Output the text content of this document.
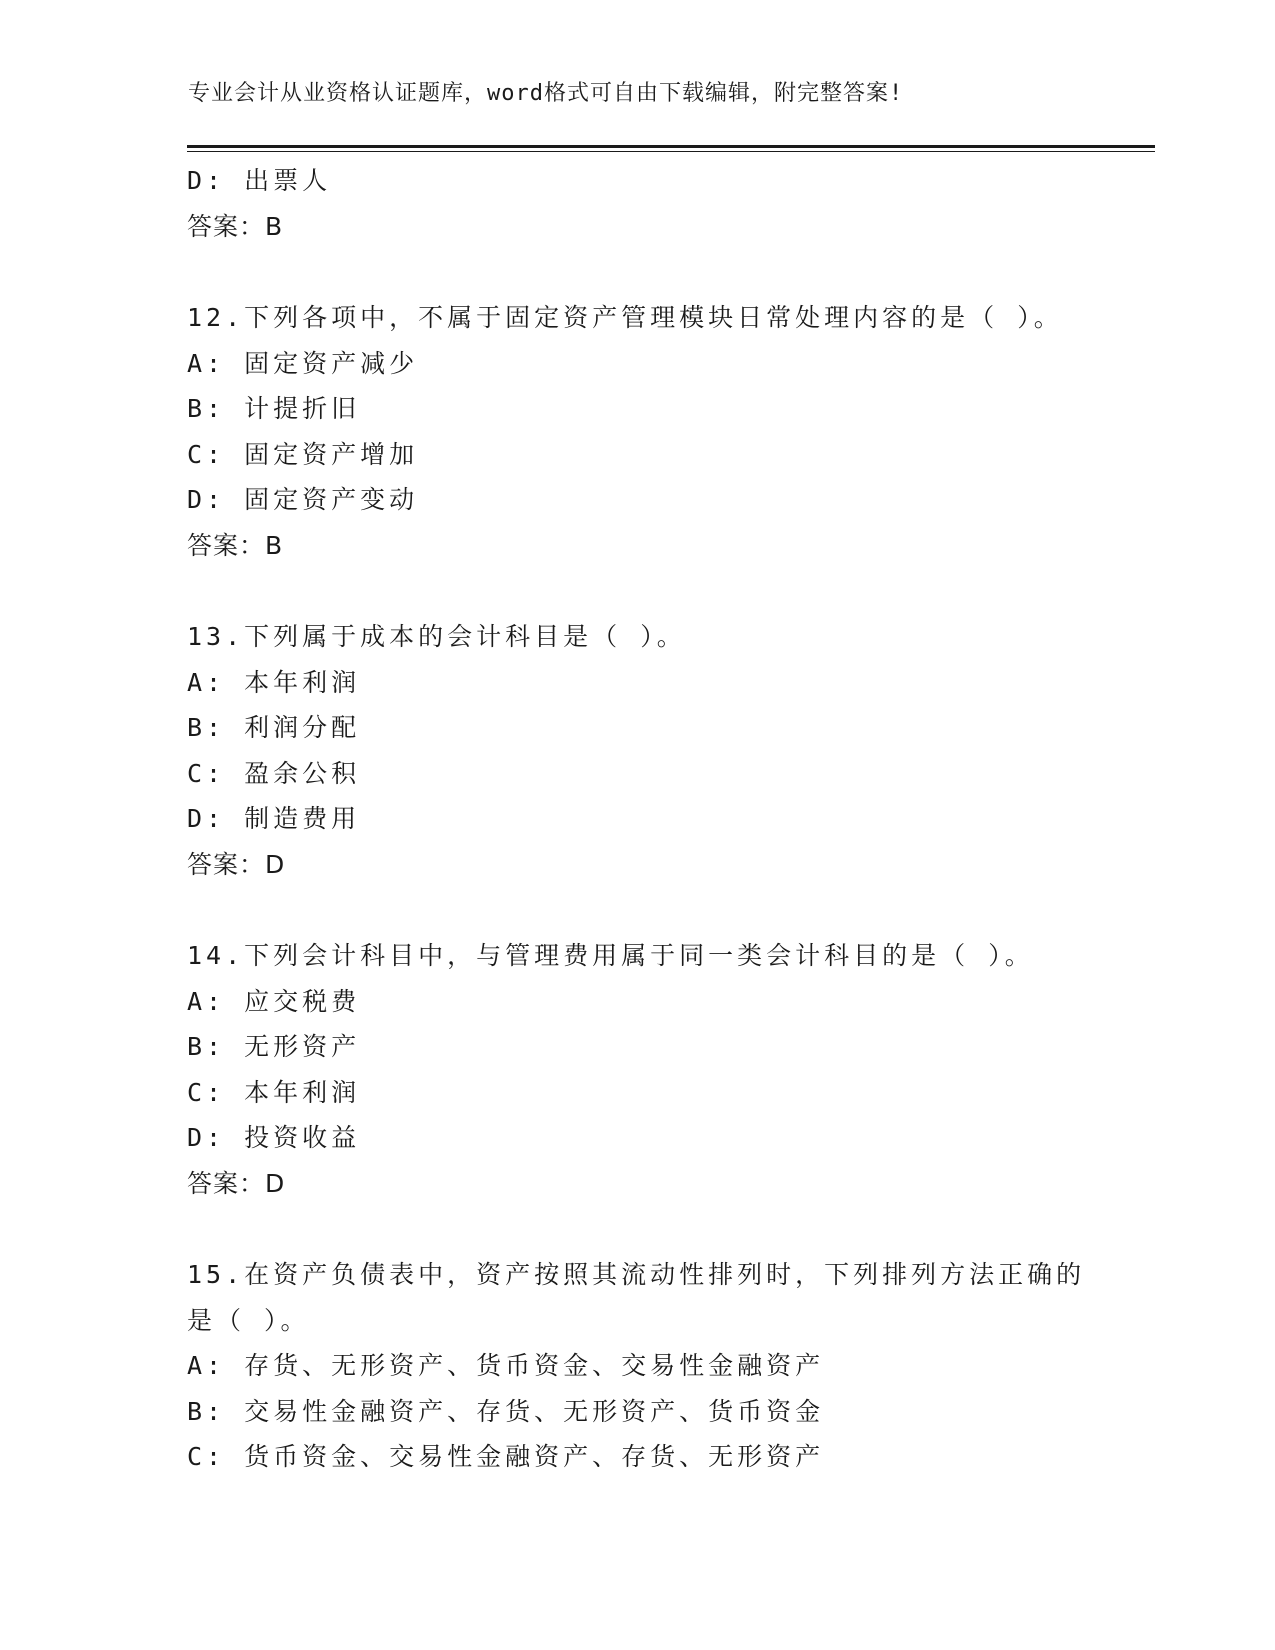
专业会计从业资格认证题库，word格式可自由下载编辑，附完整答案!
D: 出票人
答案：B
12.下列各项中，不属于固定资产管理模块日常处理内容的是（ ）。
A: 固定资产减少
B: 计提折旧
C: 固定资产增加
D: 固定资产变动
答案：B
13.下列属于成本的会计科目是（ ）。
A: 本年利润
B: 利润分配
C: 盈余公积
D: 制造费用
答案：D
14.下列会计科目中，与管理费用属于同一类会计科目的是（ ）。
A: 应交税费
B: 无形资产
C: 本年利润
D: 投资收益
答案：D
15.在资产负债表中，资产按照其流动性排列时，下列排列方法正确的
是（ ）。
A: 存货、无形资产、货币资金、交易性金融资产
B: 交易性金融资产、存货、无形资产、货币资金
C: 货币资金、交易性金融资产、存货、无形资产
